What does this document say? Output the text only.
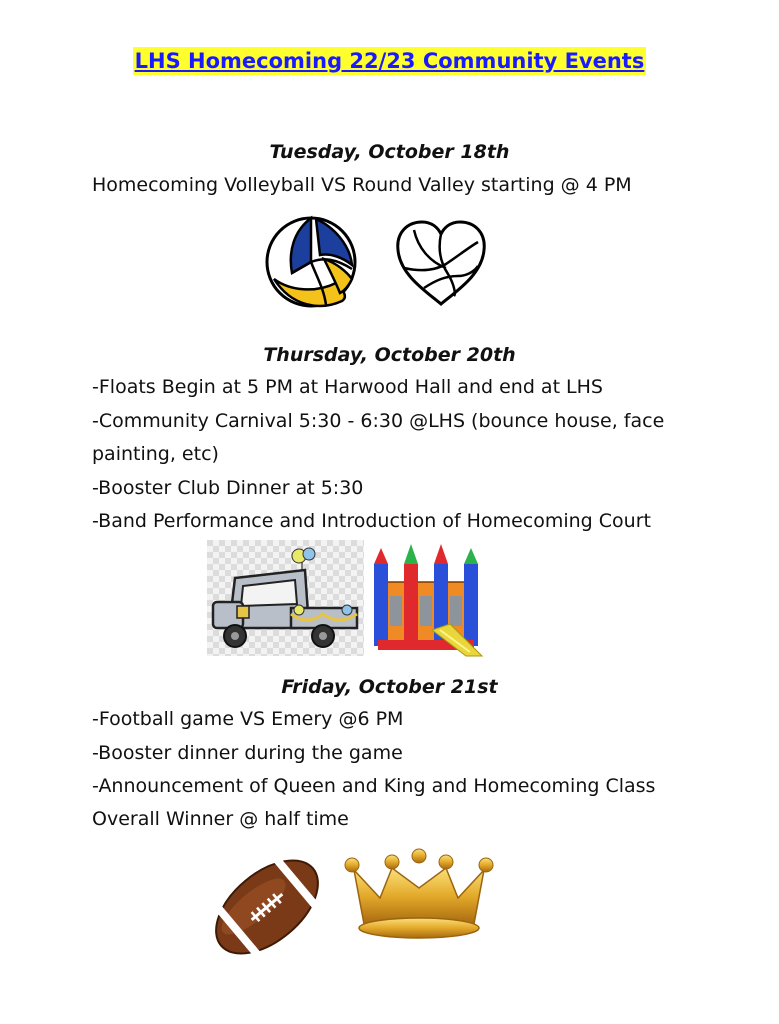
LHS Homecoming 22/23 Community Events
Tuesday, October 18th
Homecoming Volleyball VS Round Valley starting @ 4 PM
Thursday, October 20th
-Floats Begin at 5 PM at Harwood Hall and end at LHS
-Community Carnival 5:30 - 6:30 @LHS (bounce house, face
painting, etc)
-Booster Club Dinner at 5:30
-Band Performance and Introduction of Homecoming Court
Friday, October 21st
-Football game VS Emery @6 PM
-Booster dinner during the game
-Announcement of Queen and King and Homecoming Class
Overall Winner @ half time
